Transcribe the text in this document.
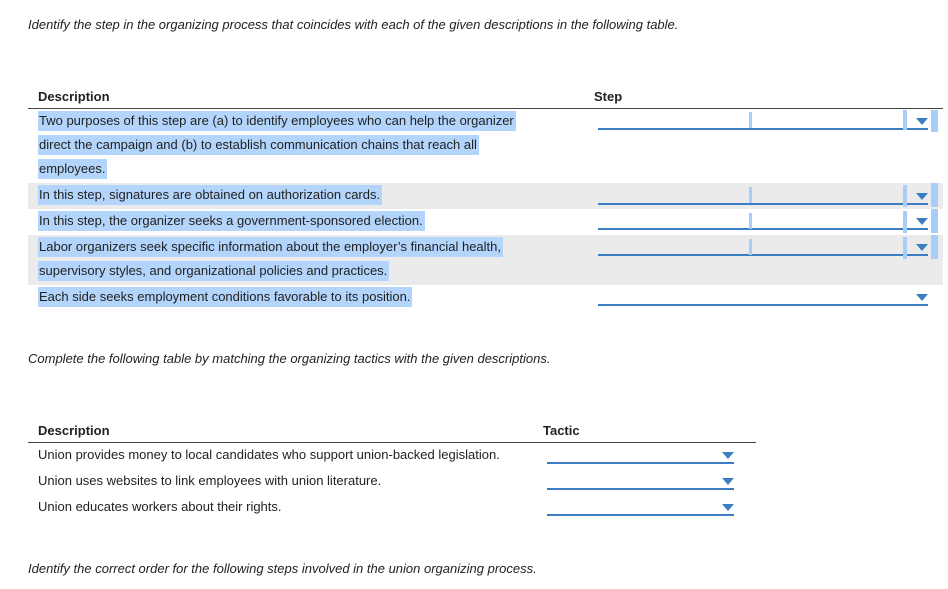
Identify the step in the organizing process that coincides with each of the given descriptions in the following table.
Description	Step
Two purposes of this step are (a) to identify employees who can help the organizer
direct the campaign and (b) to establish communication chains that reach all
employees.
In this step, signatures are obtained on authorization cards.
In this step, the organizer seeks a government-sponsored election.
Labor organizers seek specific information about the employer’s financial health,
supervisory styles, and organizational policies and practices.
Each side seeks employment conditions favorable to its position.
Complete the following table by matching the organizing tactics with the given descriptions.
Description	Tactic
Union provides money to local candidates who support union-backed legislation.
Union uses websites to link employees with union literature.
Union educates workers about their rights.
Identify the correct order for the following steps involved in the union organizing process.
